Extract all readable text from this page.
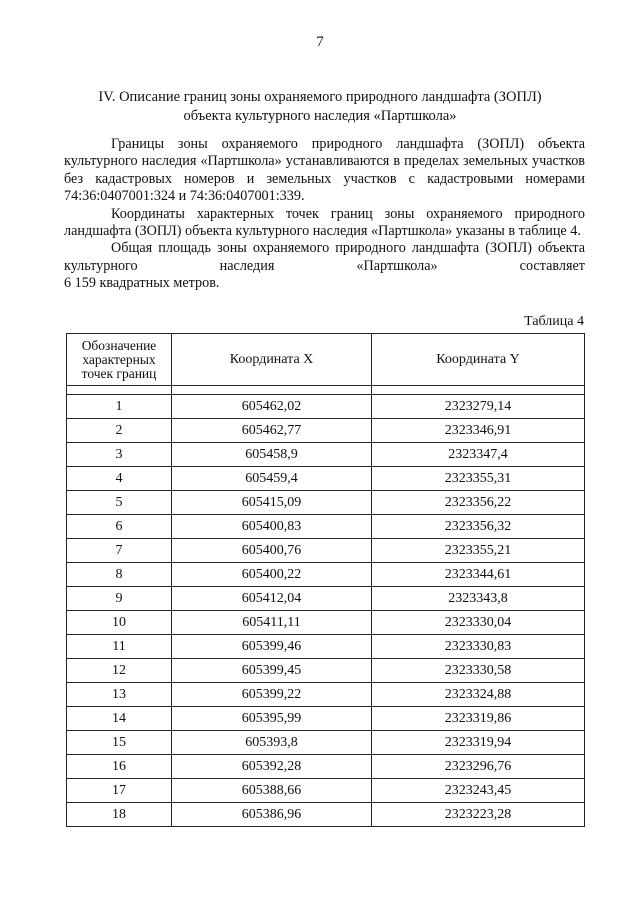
7
IV. Описание границ зоны охраняемого природного ландшафта (ЗОПЛ)
объекта культурного наследия «Партшкола»

Границы зоны охраняемого природного ландшафта (ЗОПЛ) объекта культурного наследия «Партшкола» устанавливаются в пределах земельных участков без кадастровых номеров и земельных участков с кадастровыми номерами 74:36:0407001:324 и 74:36:0407001:339.

Координаты характерных точек границ зоны охраняемого природного ландшафта (ЗОПЛ) объекта культурного наследия «Партшкола» указаны в таблице 4.

Общая площадь зоны охраняемого природного ландшафта (ЗОПЛ) объекта культурного наследия «Партшкола» составляет

6 159 квадратных метров.
Таблица 4
Обозначение характерных точек границ	Координата X	Координата Y

1	605462,02	2323279,14
2	605462,77	2323346,91
3	605458,9	2323347,4
4	605459,4	2323355,31
5	605415,09	2323356,22
6	605400,83	2323356,32
7	605400,76	2323355,21
8	605400,22	2323344,61
9	605412,04	2323343,8
10	605411,11	2323330,04
11	605399,46	2323330,83
12	605399,45	2323330,58
13	605399,22	2323324,88
14	605395,99	2323319,86
15	605393,8	2323319,94
16	605392,28	2323296,76
17	605388,66	2323243,45
18	605386,96	2323223,28
